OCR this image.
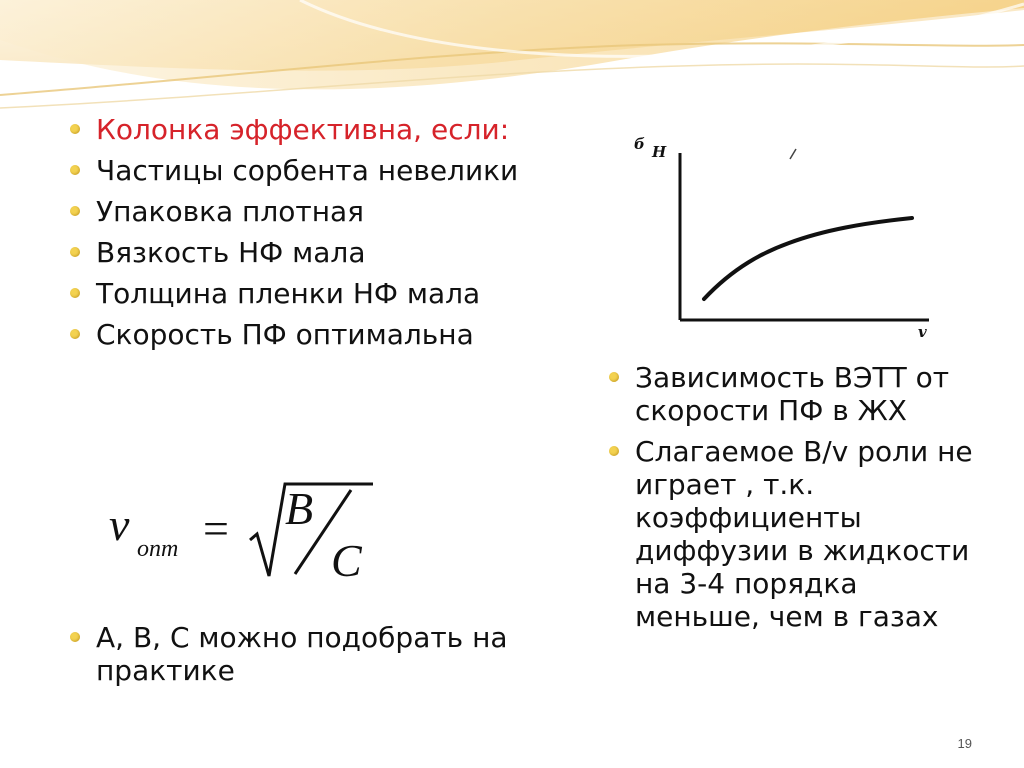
Колонка эффективна, если:
Частицы сорбента невелики
Упаковка плотная
Вязкость НФ мала
Толщина пленки НФ мала
Скорость ПФ оптимальна
v опт = B
C
A, B, C можно подобрать на практике
б H
v
Зависимость ВЭТТ от скорости ПФ в ЖХ
Слагаемое B/v роли не играет , т.к. коэффициенты диффузии в жидкости на 3-4 порядка меньше, чем в газах
19
